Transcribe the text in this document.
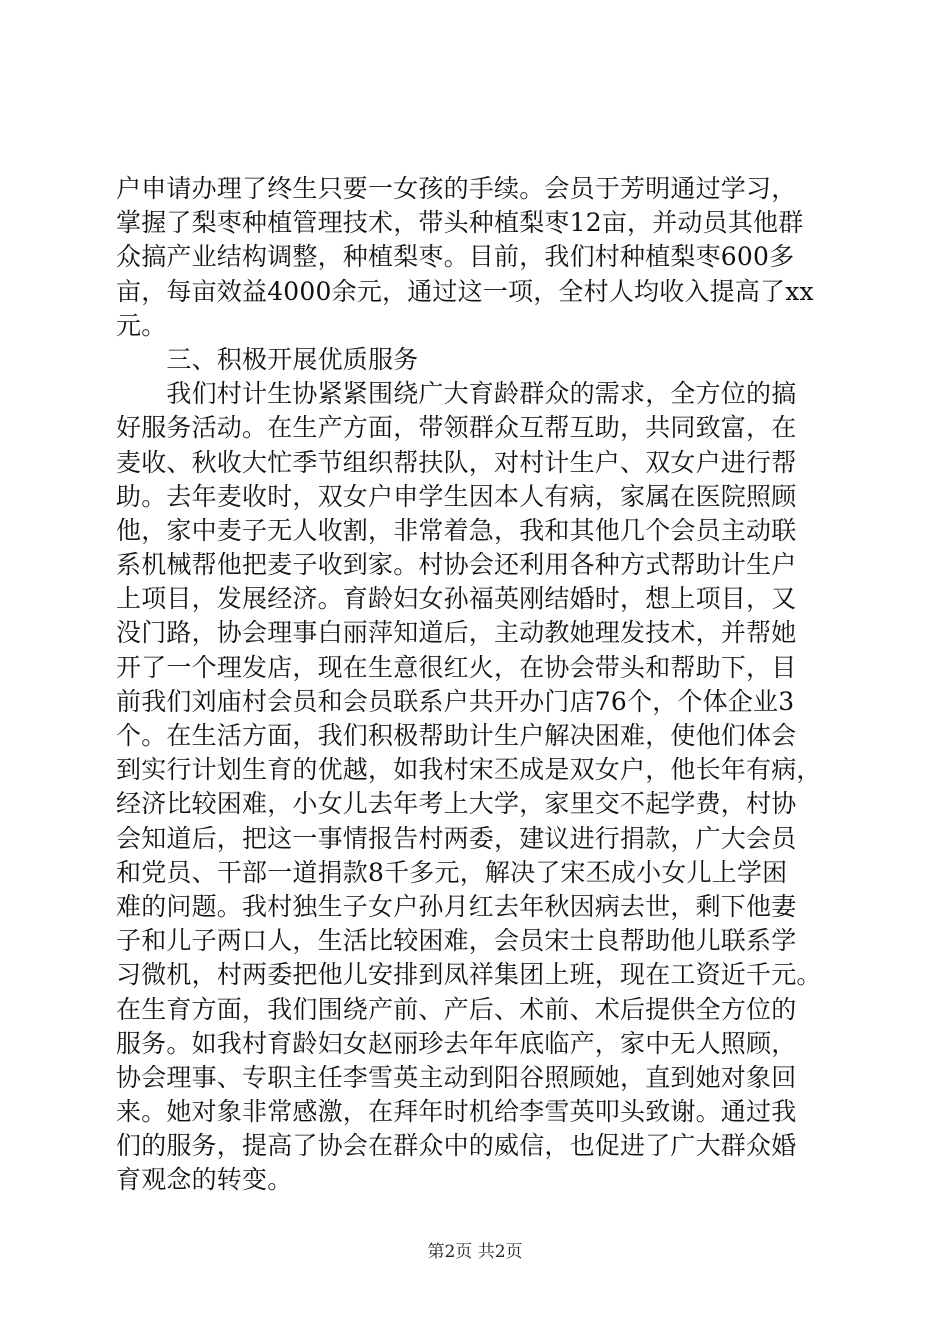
户申请办理了终生只要一女孩的手续。会员于芳明通过学习，
掌握了梨枣种植管理技术，带头种植梨枣12亩，并动员其他群
众搞产业结构调整，种植梨枣。目前，我们村种植梨枣600多
亩，每亩效益4000余元，通过这一项，全村人均收入提高了xx
元。
　　三、积极开展优质服务
　　我们村计生协紧紧围绕广大育龄群众的需求，全方位的搞
好服务活动。在生产方面，带领群众互帮互助，共同致富，在
麦收、秋收大忙季节组织帮扶队，对村计生户、双女户进行帮
助。去年麦收时，双女户申学生因本人有病，家属在医院照顾
他，家中麦子无人收割，非常着急，我和其他几个会员主动联
系机械帮他把麦子收到家。村协会还利用各种方式帮助计生户
上项目，发展经济。育龄妇女孙福英刚结婚时，想上项目，又
没门路，协会理事白丽萍知道后，主动教她理发技术，并帮她
开了一个理发店，现在生意很红火，在协会带头和帮助下，目
前我们刘庙村会员和会员联系户共开办门店76个，个体企业3
个。在生活方面，我们积极帮助计生户解决困难，使他们体会
到实行计划生育的优越，如我村宋丕成是双女户，他长年有病，
经济比较困难，小女儿去年考上大学，家里交不起学费，村协
会知道后，把这一事情报告村两委，建议进行捐款，广大会员
和党员、干部一道捐款8千多元，解决了宋丕成小女儿上学困
难的问题。我村独生子女户孙月红去年秋因病去世，剩下他妻
子和儿子两口人，生活比较困难，会员宋士良帮助他儿联系学
习微机，村两委把他儿安排到凤祥集团上班，现在工资近千元。
在生育方面，我们围绕产前、产后、术前、术后提供全方位的
服务。如我村育龄妇女赵丽珍去年年底临产，家中无人照顾，
协会理事、专职主任李雪英主动到阳谷照顾她，直到她对象回
来。她对象非常感激，在拜年时机给李雪英叩头致谢。通过我
们的服务，提高了协会在群众中的威信，也促进了广大群众婚
育观念的转变。
第2页 共2页
